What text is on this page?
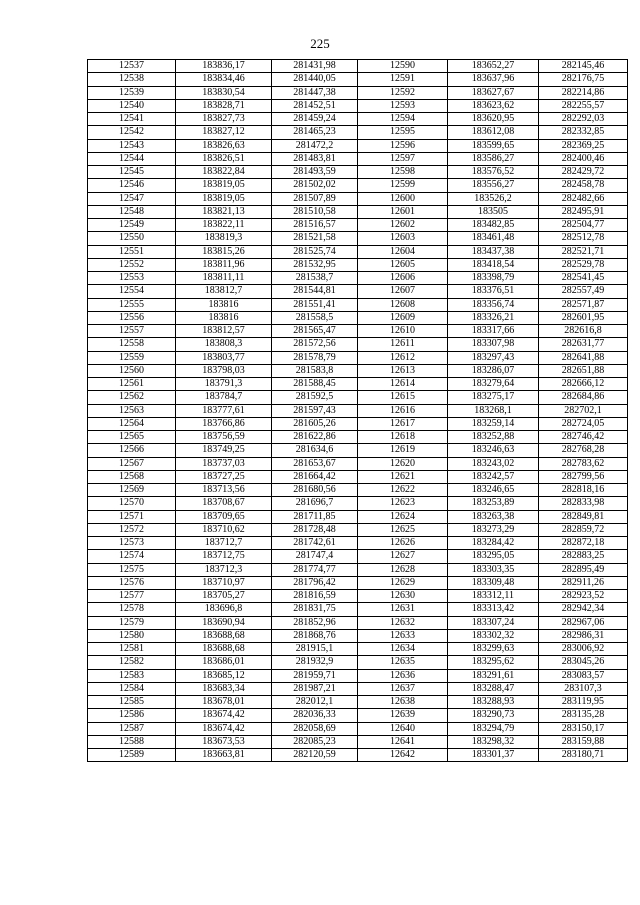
225
12537	183836,17	281431,98	12590	183652,27	282145,46
12538	183834,46	281440,05	12591	183637,96	282176,75
12539	183830,54	281447,38	12592	183627,67	282214,86
12540	183828,71	281452,51	12593	183623,62	282255,57
12541	183827,73	281459,24	12594	183620,95	282292,03
12542	183827,12	281465,23	12595	183612,08	282332,85
12543	183826,63	281472,2	12596	183599,65	282369,25
12544	183826,51	281483,81	12597	183586,27	282400,46
12545	183822,84	281493,59	12598	183576,52	282429,72
12546	183819,05	281502,02	12599	183556,27	282458,78
12547	183819,05	281507,89	12600	183526,2	282482,66
12548	183821,13	281510,58	12601	183505	282495,91
12549	183822,11	281516,57	12602	183482,85	282504,77
12550	183819,3	281521,58	12603	183461,48	282512,78
12551	183815,26	281525,74	12604	183437,38	282521,71
12552	183811,96	281532,95	12605	183418,54	282529,78
12553	183811,11	281538,7	12606	183398,79	282541,45
12554	183812,7	281544,81	12607	183376,51	282557,49
12555	183816	281551,41	12608	183356,74	282571,87
12556	183816	281558,5	12609	183326,21	282601,95
12557	183812,57	281565,47	12610	183317,66	282616,8
12558	183808,3	281572,56	12611	183307,98	282631,77
12559	183803,77	281578,79	12612	183297,43	282641,88
12560	183798,03	281583,8	12613	183286,07	282651,88
12561	183791,3	281588,45	12614	183279,64	282666,12
12562	183784,7	281592,5	12615	183275,17	282684,86
12563	183777,61	281597,43	12616	183268,1	282702,1
12564	183766,86	281605,26	12617	183259,14	282724,05
12565	183756,59	281622,86	12618	183252,88	282746,42
12566	183749,25	281634,6	12619	183246,63	282768,28
12567	183737,03	281653,67	12620	183243,02	282783,62
12568	183727,25	281664,42	12621	183242,57	282799,56
12569	183713,56	281680,56	12622	183246,65	282818,16
12570	183708,67	281696,7	12623	183253,89	282833,98
12571	183709,65	281711,85	12624	183263,38	282849,81
12572	183710,62	281728,48	12625	183273,29	282859,72
12573	183712,7	281742,61	12626	183284,42	282872,18
12574	183712,75	281747,4	12627	183295,05	282883,25
12575	183712,3	281774,77	12628	183303,35	282895,49
12576	183710,97	281796,42	12629	183309,48	282911,26
12577	183705,27	281816,59	12630	183312,11	282923,52
12578	183696,8	281831,75	12631	183313,42	282942,34
12579	183690,94	281852,96	12632	183307,24	282967,06
12580	183688,68	281868,76	12633	183302,32	282986,31
12581	183688,68	281915,1	12634	183299,63	283006,92
12582	183686,01	281932,9	12635	183295,62	283045,26
12583	183685,12	281959,71	12636	183291,61	283083,57
12584	183683,34	281987,21	12637	183288,47	283107,3
12585	183678,01	282012,1	12638	183288,93	283119,95
12586	183674,42	282036,33	12639	183290,73	283135,28
12587	183674,42	282058,69	12640	183294,79	283150,17
12588	183673,53	282085,23	12641	183298,32	283159,88
12589	183663,81	282120,59	12642	183301,37	283180,71
